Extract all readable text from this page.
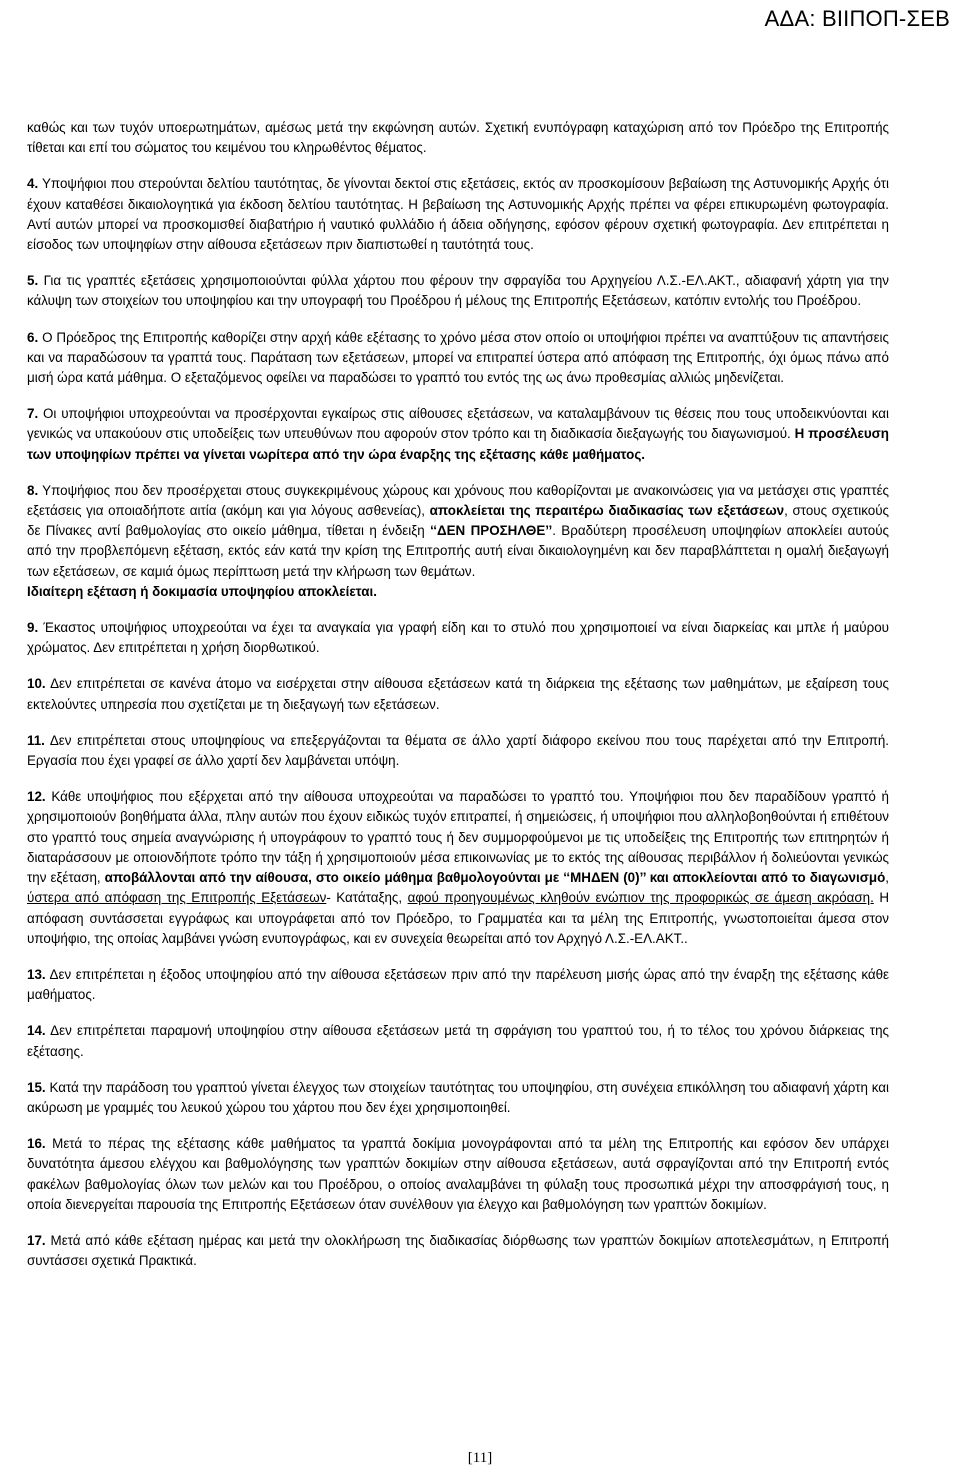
ΑΔΑ: ΒΙΙΠΟΠ-ΣΕΒ

καθώς και των τυχόν υποερωτημάτων, αμέσως μετά την εκφώνηση αυτών. Σχετική ενυπόγραφη καταχώριση από τον Πρόεδρο της Επιτροπής τίθεται και επί του σώματος του κειμένου του κληρωθέντος θέματος.

4. Υποψήφιοι που στερούνται δελτίου ταυτότητας, δε γίνονται δεκτοί στις εξετάσεις, εκτός αν προσκομίσουν βεβαίωση της Αστυνομικής Αρχής ότι έχουν καταθέσει δικαιολογητικά για έκδοση δελτίου ταυτότητας. Η βεβαίωση της Αστυνομικής Αρχής πρέπει να φέρει επικυρωμένη φωτογραφία. Αντί αυτών μπορεί να προσκομισθεί διαβατήριο ή ναυτικό φυλλάδιο ή άδεια οδήγησης, εφόσον φέρουν σχετική φωτογραφία. Δεν επιτρέπεται η είσοδος των υποψηφίων στην αίθουσα εξετάσεων πριν διαπιστωθεί η ταυτότητά τους.

5. Για τις γραπτές εξετάσεις χρησιμοποιούνται φύλλα χάρτου που φέρουν την σφραγίδα του Αρχηγείου Λ.Σ.-ΕΛ.ΑΚΤ., αδιαφανή χάρτη για την κάλυψη των στοιχείων του υποψηφίου και την υπογραφή του Προέδρου ή μέλους της Επιτροπής Εξετάσεων, κατόπιν εντολής του Προέδρου.

6. Ο Πρόεδρος της Επιτροπής καθορίζει στην αρχή κάθε εξέτασης το χρόνο μέσα στον οποίο οι υποψήφιοι πρέπει να αναπτύξουν τις απαντήσεις και να παραδώσουν τα γραπτά τους. Παράταση των εξετάσεων, μπορεί να επιτραπεί ύστερα από απόφαση της Επιτροπής, όχι όμως πάνω από μισή ώρα κατά μάθημα. Ο εξεταζόμενος οφείλει να παραδώσει το γραπτό του εντός της ως άνω προθεσμίας αλλιώς μηδενίζεται.

7. Οι υποψήφιοι υποχρεούνται να προσέρχονται εγκαίρως στις αίθουσες εξετάσεων, να καταλαμβάνουν τις θέσεις που τους υποδεικνύονται και γενικώς να υπακούουν στις υποδείξεις των υπευθύνων που αφορούν στον τρόπο και τη διαδικασία διεξαγωγής του διαγωνισμού. Η προσέλευση των υποψηφίων πρέπει να γίνεται νωρίτερα από την ώρα έναρξης της εξέτασης κάθε μαθήματος.

8. Υποψήφιος που δεν προσέρχεται στους συγκεκριμένους χώρους και χρόνους που καθορίζονται με ανακοινώσεις για να μετάσχει στις γραπτές εξετάσεις για οποιαδήποτε αιτία (ακόμη και για λόγους ασθενείας), αποκλείεται της περαιτέρω διαδικασίας των εξετάσεων, στους σχετικούς δε Πίνακες αντί βαθμολογίας στο οικείο μάθημα, τίθεται η ένδειξη ‘‘ΔΕΝ ΠΡΟΣΗΛΘΕ’’. Βραδύτερη προσέλευση υποψηφίων αποκλείει αυτούς από την προβλεπόμενη εξέταση, εκτός εάν κατά την κρίση της Επιτροπής αυτή είναι δικαιολογημένη και δεν παραβλάπτεται η ομαλή διεξαγωγή των εξετάσεων, σε καμιά όμως περίπτωση μετά την κλήρωση των θεμάτων.

Ιδιαίτερη εξέταση ή δοκιμασία υποψηφίου αποκλείεται.

9. Έκαστος υποψήφιος υποχρεούται να έχει τα αναγκαία για γραφή είδη και το στυλό που χρησιμοποιεί να είναι διαρκείας και μπλε ή μαύρου χρώματος. Δεν επιτρέπεται η χρήση διορθωτικού.

10. Δεν επιτρέπεται σε κανένα άτομο να εισέρχεται στην αίθουσα εξετάσεων κατά τη διάρκεια της εξέτασης των μαθημάτων, με εξαίρεση τους εκτελούντες υπηρεσία που σχετίζεται με τη διεξαγωγή των εξετάσεων.

11. Δεν επιτρέπεται στους υποψηφίους να επεξεργάζονται τα θέματα σε άλλο χαρτί διάφορο εκείνου που τους παρέχεται από την Επιτροπή. Εργασία που έχει γραφεί σε άλλο χαρτί δεν λαμβάνεται υπόψη.

12. Κάθε υποψήφιος που εξέρχεται από την αίθουσα υποχρεούται να παραδώσει το γραπτό του. Υποψήφιοι που δεν παραδίδουν γραπτό ή χρησιμοποιούν βοηθήματα άλλα, πλην αυτών που έχουν ειδικώς τυχόν επιτραπεί, ή σημειώσεις, ή υποψήφιοι που αλληλοβοηθούνται ή επιθέτουν στο γραπτό τους σημεία αναγνώρισης ή υπογράφουν το γραπτό τους ή δεν συμμορφούμενοι με τις υποδείξεις της Επιτροπής των επιτηρητών ή διαταράσσουν με οποιονδήποτε τρόπο την τάξη ή χρησιμοποιούν μέσα επικοινωνίας με το εκτός της αίθουσας περιβάλλον ή δολιεύονται γενικώς την εξέταση, αποβάλλονται από την αίθουσα, στο οικείο μάθημα βαθμολογούνται με ‘‘ΜΗΔΕΝ (0)’’ και αποκλείονται από το διαγωνισμό, ύστερα από απόφαση της Επιτροπής Εξετάσεων- Κατάταξης, αφού προηγουμένως κληθούν ενώπιον της προφορικώς σε άμεση ακρόαση. Η απόφαση συντάσσεται εγγράφως και υπογράφεται από τον Πρόεδρο, το Γραμματέα και τα μέλη της Επιτροπής, γνωστοποιείται άμεσα στον υποψήφιο, της οποίας λαμβάνει γνώση ενυπογράφως, και εν συνεχεία θεωρείται από τον Αρχηγό Λ.Σ.-ΕΛ.ΑΚΤ..

13. Δεν επιτρέπεται η έξοδος υποψηφίου από την αίθουσα εξετάσεων πριν από την παρέλευση μισής ώρας από την έναρξη της εξέτασης κάθε μαθήματος.

14. Δεν επιτρέπεται παραμονή υποψηφίου στην αίθουσα εξετάσεων μετά τη σφράγιση του γραπτού του, ή το τέλος του χρόνου διάρκειας της εξέτασης.

15. Κατά την παράδοση του γραπτού γίνεται έλεγχος των στοιχείων ταυτότητας του υποψηφίου, στη συνέχεια επικόλληση του αδιαφανή χάρτη και ακύρωση με γραμμές του λευκού χώρου του χάρτου που δεν έχει χρησιμοποιηθεί.

16. Μετά το πέρας της εξέτασης κάθε μαθήματος τα γραπτά δοκίμια μονογράφονται από τα μέλη της Επιτροπής και εφόσον δεν υπάρχει δυνατότητα άμεσου ελέγχου και βαθμολόγησης των γραπτών δοκιμίων στην αίθουσα εξετάσεων, αυτά σφραγίζονται από την Επιτροπή εντός φακέλων βαθμολογίας όλων των μελών και του Προέδρου, ο οποίος αναλαμβάνει τη φύλαξη τους προσωπικά μέχρι την αποσφράγισή τους, η οποία διενεργείται παρουσία της Επιτροπής Εξετάσεων όταν συνέλθουν για έλεγχο και βαθμολόγηση των γραπτών δοκιμίων.

17. Μετά από κάθε εξέταση ημέρας και μετά την ολοκλήρωση της διαδικασίας διόρθωσης των γραπτών δοκιμίων αποτελεσμάτων, η Επιτροπή συντάσσει σχετικά Πρακτικά.

[11]
